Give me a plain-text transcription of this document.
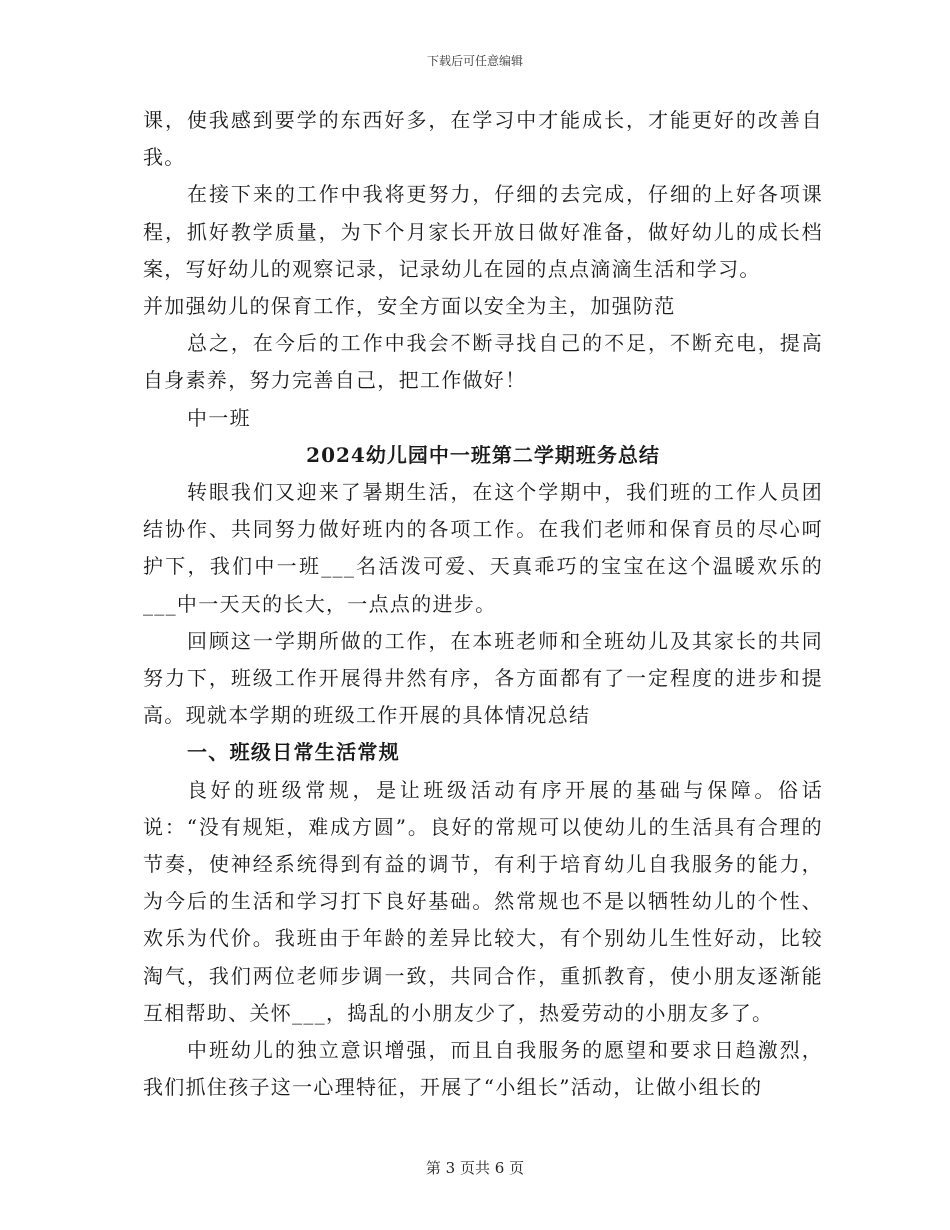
下载后可任意编辑

课，使我感到要学的东西好多，在学习中才能成长，才能更好的改善自我。

在接下来的工作中我将更努力，仔细的去完成，仔细的上好各项课程，抓好教学质量，为下个月家长开放日做好准备，做好幼儿的成长档案，写好幼儿的观察记录，记录幼儿在园的点点滴滴生活和学习。

并加强幼儿的保育工作，安全方面以安全为主，加强防范

总之，在今后的工作中我会不断寻找自己的不足，不断充电，提高自身素养，努力完善自己，把工作做好！

中一班

2024幼儿园中一班第二学期班务总结

转眼我们又迎来了暑期生活，在这个学期中，我们班的工作人员团结协作、共同努力做好班内的各项工作。在我们老师和保育员的尽心呵护下，我们中一班___名活泼可爱、天真乖巧的宝宝在这个温暖欢乐的___中一天天的长大，一点点的进步。

回顾这一学期所做的工作，在本班老师和全班幼儿及其家长的共同努力下，班级工作开展得井然有序，各方面都有了一定程度的进步和提高。现就本学期的班级工作开展的具体情况总结

一、班级日常生活常规

良好的班级常规，是让班级活动有序开展的基础与保障。俗话说：“没有规矩，难成方圆”。良好的常规可以使幼儿的生活具有合理的节奏，使神经系统得到有益的调节，有利于培育幼儿自我服务的能力，为今后的生活和学习打下良好基础。然常规也不是以牺牲幼儿的个性、欢乐为代价。我班由于年龄的差异比较大，有个别幼儿生性好动，比较淘气，我们两位老师步调一致，共同合作，重抓教育，使小朋友逐渐能互相帮助、关怀___，捣乱的小朋友少了，热爱劳动的小朋友多了。

中班幼儿的独立意识增强，而且自我服务的愿望和要求日趋激烈，我们抓住孩子这一心理特征，开展了“小组长”活动，让做小组长的

第 3 页共 6 页
